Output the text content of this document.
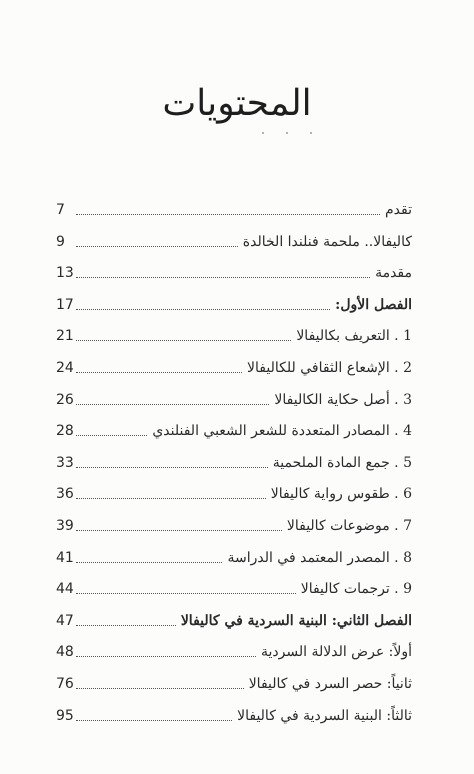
المحتويات
تقدم
7
كاليفالا.. ملحمة فنلندا الخالدة
9
مقدمة
13
الفصل الأول:
17
1 . التعريف بكاليفالا
21
2 . الإشعاع الثقافي للكاليفالا
24
3 . أصل حكاية الكاليفالا
26
4 . المصادر المتعددة للشعر الشعبي الفنلندي
28
5 . جمع المادة الملحمية
33
6 . طقوس رواية كاليفالا
36
7 . موضوعات كاليفالا
39
8 . المصدر المعتمد في الدراسة
41
9 . ترجمات كاليفالا
44
الفصل الثاني: البنية السردية في كاليفالا
47
أولاً: عرض الدلالة السردية
48
ثانياً: حصر السرد في كاليفالا
76
ثالثاً: البنية السردية في كاليفالا
95
